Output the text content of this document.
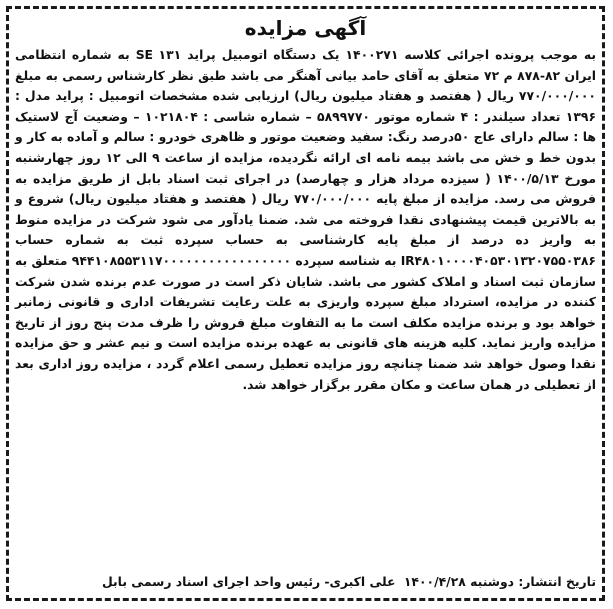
آگهی مزایده

به موجب پرونده اجرائی کلاسه ۱۴۰۰۲۷۱ یک دستگاه اتومبیل پراید SE ۱۳۱ به شماره انتظامی ایران ۸۲-۸۷۸ م ۷۲ متعلق به آقای حامد بیانی آهنگر می باشد طبق نظر کارشناس رسمی به مبلغ ۷۷۰/۰۰۰/۰۰۰ ریال ( هفتصد و هفتاد میلیون ریال) ارزیابی شده مشخصات اتومبیل : پراید مدل : ۱۳۹۶ تعداد سیلندر : ۴ شماره موتور ۵۸۹۹۷۷۰ – شماره شاسی : ۱۰۲۱۸۰۴ – وضعیت آج لاستیک ها : سالم دارای عاج ۵۰درصد رنگ: سفید وضعیت موتور و ظاهری خودرو : سالم و آماده به کار و بدون خط و خش می باشد بیمه نامه ای ارائه نگردیده، مزایده از ساعت ۹ الی ۱۲ روز چهارشنبه مورخ ۱۴۰۰/۵/۱۳ ( سیزده مرداد هزار و چهارصد) در اجرای ثبت اسناد بابل از طریق مزایده به فروش می رسد. مزایده از مبلغ پایه ۷۷۰/۰۰۰/۰۰۰ ریال ( هفتصد و هفتاد میلیون ریال) شروع و به بالاترین قیمت پیشنهادی نقدا فروخته می شد. ضمنا یادآور می شود شرکت در مزایده منوط به واریز ده درصد از مبلغ پایه کارشناسی به حساب سپرده ثبت به شماره حساب IR۴۸۰۱۰۰۰۰۴۰۵۳۰۱۳۲۰۷۵۵۰۳۸۶ به شناسه سپرده ۹۴۴۱۰۸۵۵۳۱۱۷۰۰۰۰۰۰۰۰۰۰۰۰۰۰۰۰۰ متعلق به سازمان ثبت اسناد و املاک کشور می باشد. شایان ذکر است در صورت عدم برنده شدن شرکت کننده در مزایده، استرداد مبلغ سپرده واریزی به علت رعایت تشریفات اداری و قانونی زمانبر خواهد بود و برنده مزایده مکلف است ما به التفاوت مبلغ فروش را ظرف مدت پنج روز از تاریخ مزایده واریز نماید. کلیه هزینه های قانونی به عهده برنده مزایده است و نیم عشر و حق مزایده نقدا وصول خواهد شد ضمنا چنانچه روز مزایده تعطیل رسمی اعلام گردد ، مزایده روز اداری بعد از تعطیلی در همان ساعت و مکان مقرر برگزار خواهد شد.

تاریخ انتشار: دوشنبه ۱۴۰۰/۴/۲۸ علی اکبری- رئیس واحد اجرای اسناد رسمی بابل
